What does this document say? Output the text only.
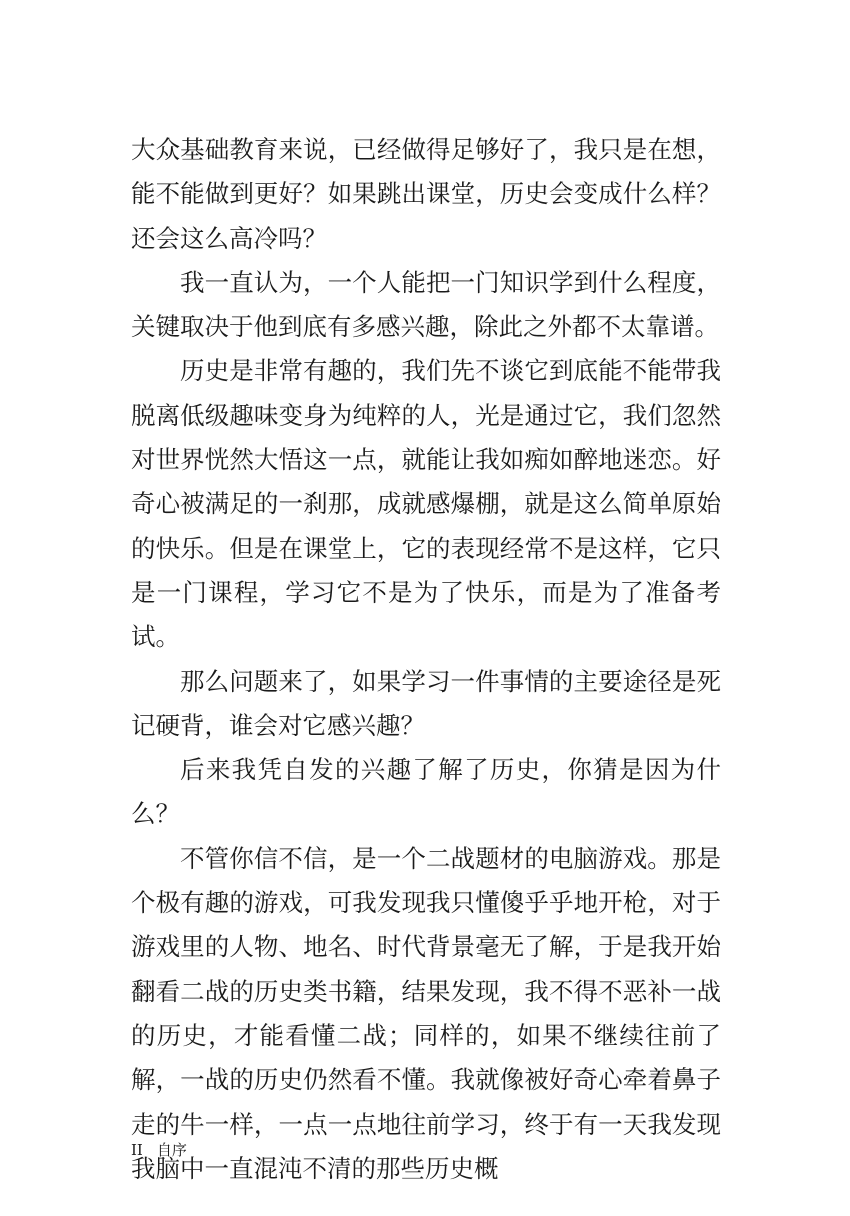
大众基础教育来说，已经做得足够好了，我只是在想，能不能做到更好？如果跳出课堂，历史会变成什么样？还会这么高冷吗？

我一直认为，一个人能把一门知识学到什么程度，关键取决于他到底有多感兴趣，除此之外都不太靠谱。

历史是非常有趣的，我们先不谈它到底能不能带我脱离低级趣味变身为纯粹的人，光是通过它，我们忽然对世界恍然大悟这一点，就能让我如痴如醉地迷恋。好奇心被满足的一刹那，成就感爆棚，就是这么简单原始的快乐。但是在课堂上，它的表现经常不是这样，它只是一门课程，学习它不是为了快乐，而是为了准备考试。

那么问题来了，如果学习一件事情的主要途径是死记硬背，谁会对它感兴趣？

后来我凭自发的兴趣了解了历史，你猜是因为什么？

不管你信不信，是一个二战题材的电脑游戏。那是个极有趣的游戏，可我发现我只懂傻乎乎地开枪，对于游戏里的人物、地名、时代背景毫无了解，于是我开始翻看二战的历史类书籍，结果发现，我不得不恶补一战的历史，才能看懂二战；同样的，如果不继续往前了解，一战的历史仍然看不懂。我就像被好奇心牵着鼻子走的牛一样，一点一点地往前学习，终于有一天我发现我脑中一直混沌不清的那些历史概

II 自序
